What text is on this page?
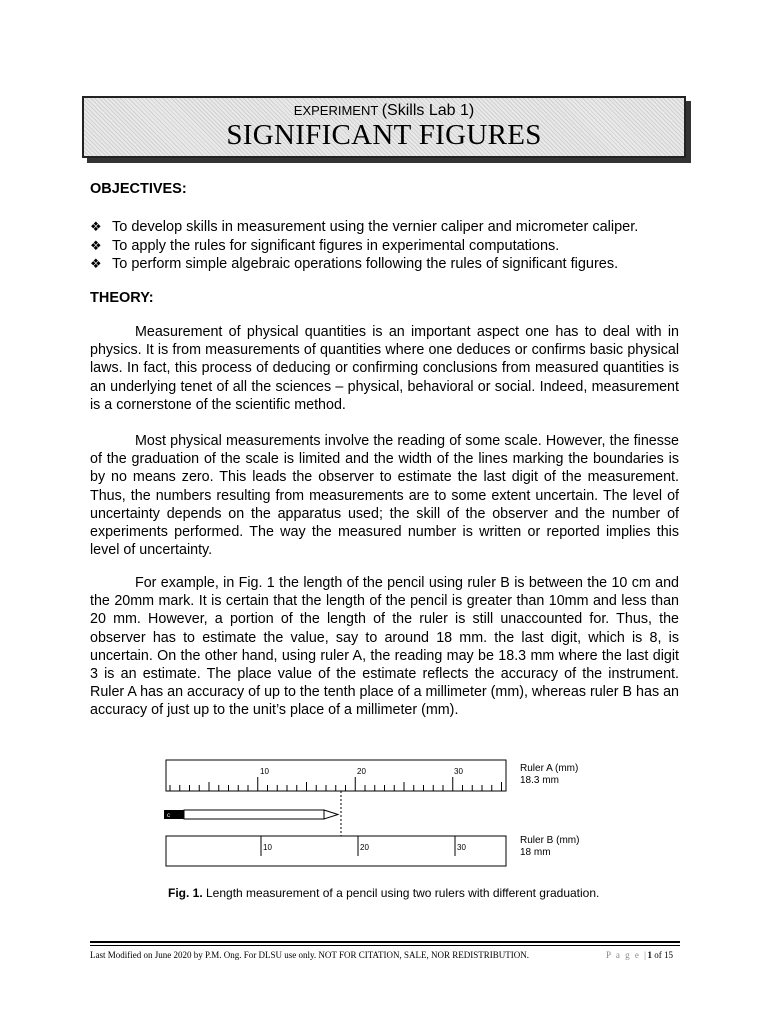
EXPERIMENT (Skills Lab 1)
SIGNIFICANT FIGURES
OBJECTIVES:
❖ To develop skills in measurement using the vernier caliper and micrometer caliper.
❖ To apply the rules for significant figures in experimental computations.
❖ To perform simple algebraic operations following the rules of significant figures.
THEORY:

Measurement of physical quantities is an important aspect one has to deal with in physics. It is from measurements of quantities where one deduces or confirms basic physical laws. In fact, this process of deducing or confirming conclusions from measured quantities is an underlying tenet of all the sciences – physical, behavioral or social. Indeed, measurement is a cornerstone of the scientific method.

Most physical measurements involve the reading of some scale. However, the finesse of the graduation of the scale is limited and the width of the lines marking the boundaries is by no means zero. This leads the observer to estimate the last digit of the measurement. Thus, the numbers resulting from measurements are to some extent uncertain. The level of uncertainty depends on the apparatus used; the skill of the observer and the number of experiments performed. The way the measured number is written or reported implies this level of uncertainty.

For example, in Fig. 1 the length of the pencil using ruler B is between the 10 cm and the 20mm mark. It is certain that the length of the pencil is greater than 10mm and less than 20 mm. However, a portion of the length of the ruler is still unaccounted for. Thus, the observer has to estimate the value, say to around 18 mm. the last digit, which is 8, is uncertain. On the other hand, using ruler A, the reading may be 18.3 mm where the last digit 3 is an estimate. The place value of the estimate reflects the accuracy of the instrument. Ruler A has an accuracy of up to the tenth place of a millimeter (mm), whereas ruler B has an accuracy of just up to the unit’s place of a millimeter (mm).

10	20	30
c
10	20	30
Ruler A (mm)
18.3 mm
Ruler B (mm)
18 mm
Fig. 1. Length measurement of a pencil using two rulers with different graduation.
Last Modified on June 2020 by P.M. Ong. For DLSU use only. NOT FOR CITATION, SALE, NOR REDISTRIBUTION.	P a g e |1 of 15
